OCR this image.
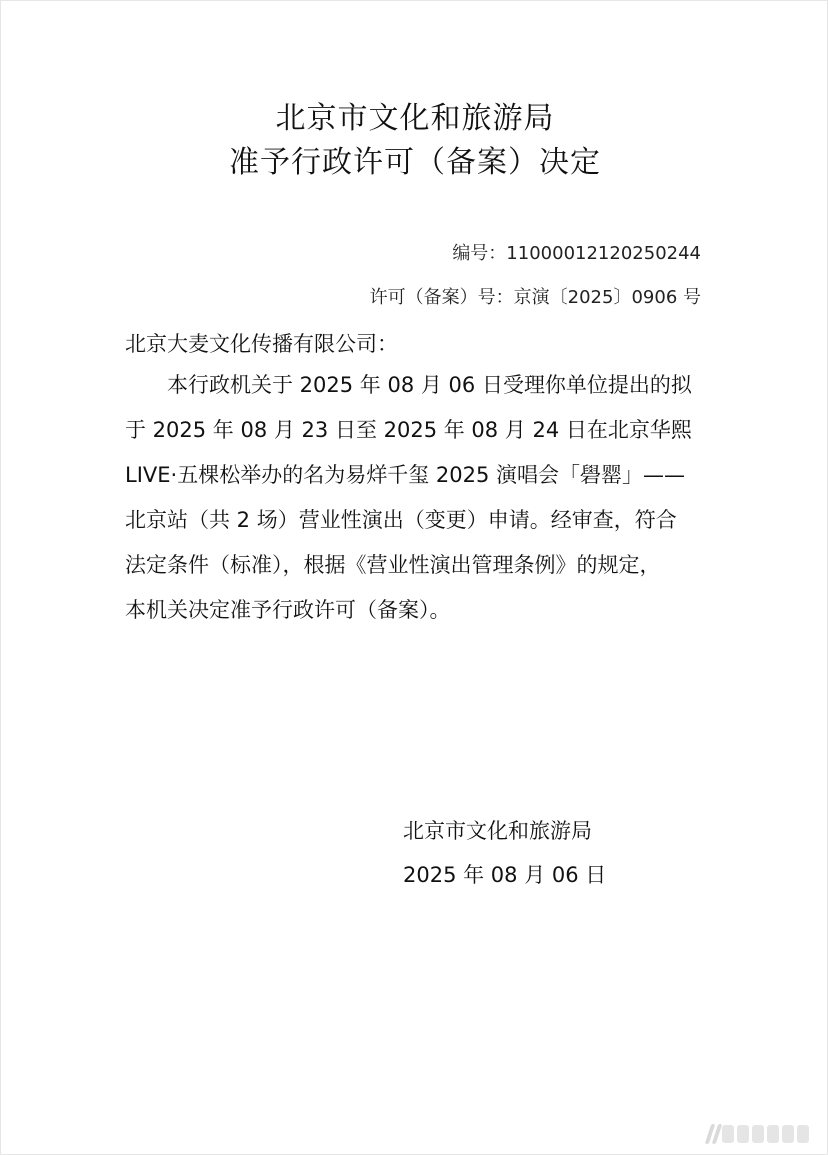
北京市文化和旅游局
准予行政许可（备案）决定
编号：11000012120250244
许可（备案）号：京演〔2025〕0906 号
北京大麦文化传播有限公司：
本行政机关于 2025 年 08 月 06 日受理你单位提出的拟
于 2025 年 08 月 23 日至 2025 年 08 月 24 日在北京华熙
LIVE·五棵松举办的名为易烊千玺 2025 演唱会「礐罂」——
北京站（共 2 场）营业性演出（变更）申请。经审查，符合
法定条件（标准），根据《营业性演出管理条例》的规定，
本机关决定准予行政许可（备案）。
北京市文化和旅游局
2025 年 08 月 06 日
